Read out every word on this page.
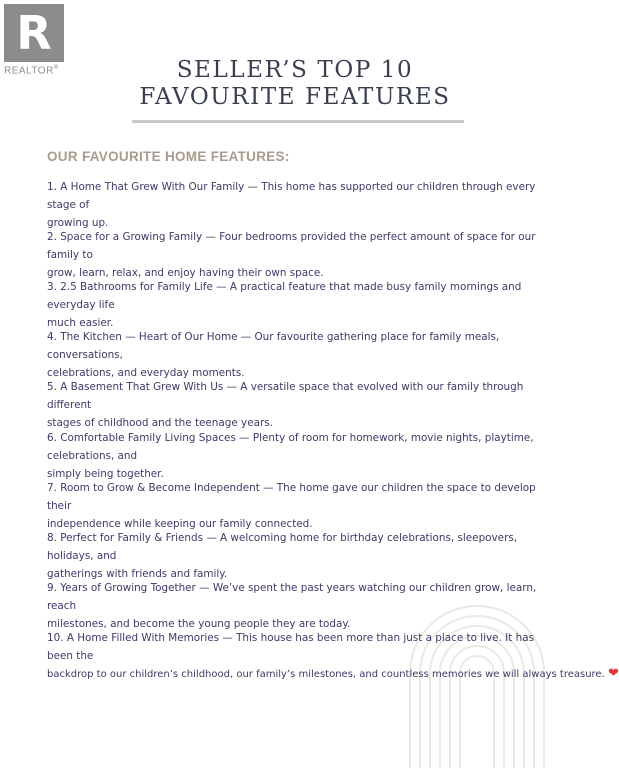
R
REALTOR®	SELLER’S TOP 10
FAVOURITE FEATURES
OUR FAVOURITE HOME FEATURES:
1. A Home That Grew With Our Family — This home has supported our children through every stage of
growing up.
2. Space for a Growing Family — Four bedrooms provided the perfect amount of space for our family to
grow, learn, relax, and enjoy having their own space.
3. 2.5 Bathrooms for Family Life — A practical feature that made busy family mornings and everyday life
much easier.
4. The Kitchen — Heart of Our Home — Our favourite gathering place for family meals, conversations,
celebrations, and everyday moments.
5. A Basement That Grew With Us — A versatile space that evolved with our family through different
stages of childhood and the teenage years.
6. Comfortable Family Living Spaces — Plenty of room for homework, movie nights, playtime, celebrations, and
simply being together.
7. Room to Grow & Become Independent — The home gave our children the space to develop their
independence while keeping our family connected.
8. Perfect for Family & Friends — A welcoming home for birthday celebrations, sleepovers, holidays, and
gatherings with friends and family.
9. Years of Growing Together — We’ve spent the past years watching our children grow, learn, reach
milestones, and become the young people they are today.
10. A Home Filled With Memories — This house has been more than just a place to live. It has been the
backdrop to our children’s childhood, our family’s milestones, and countless memories we will always treasure. ❤
